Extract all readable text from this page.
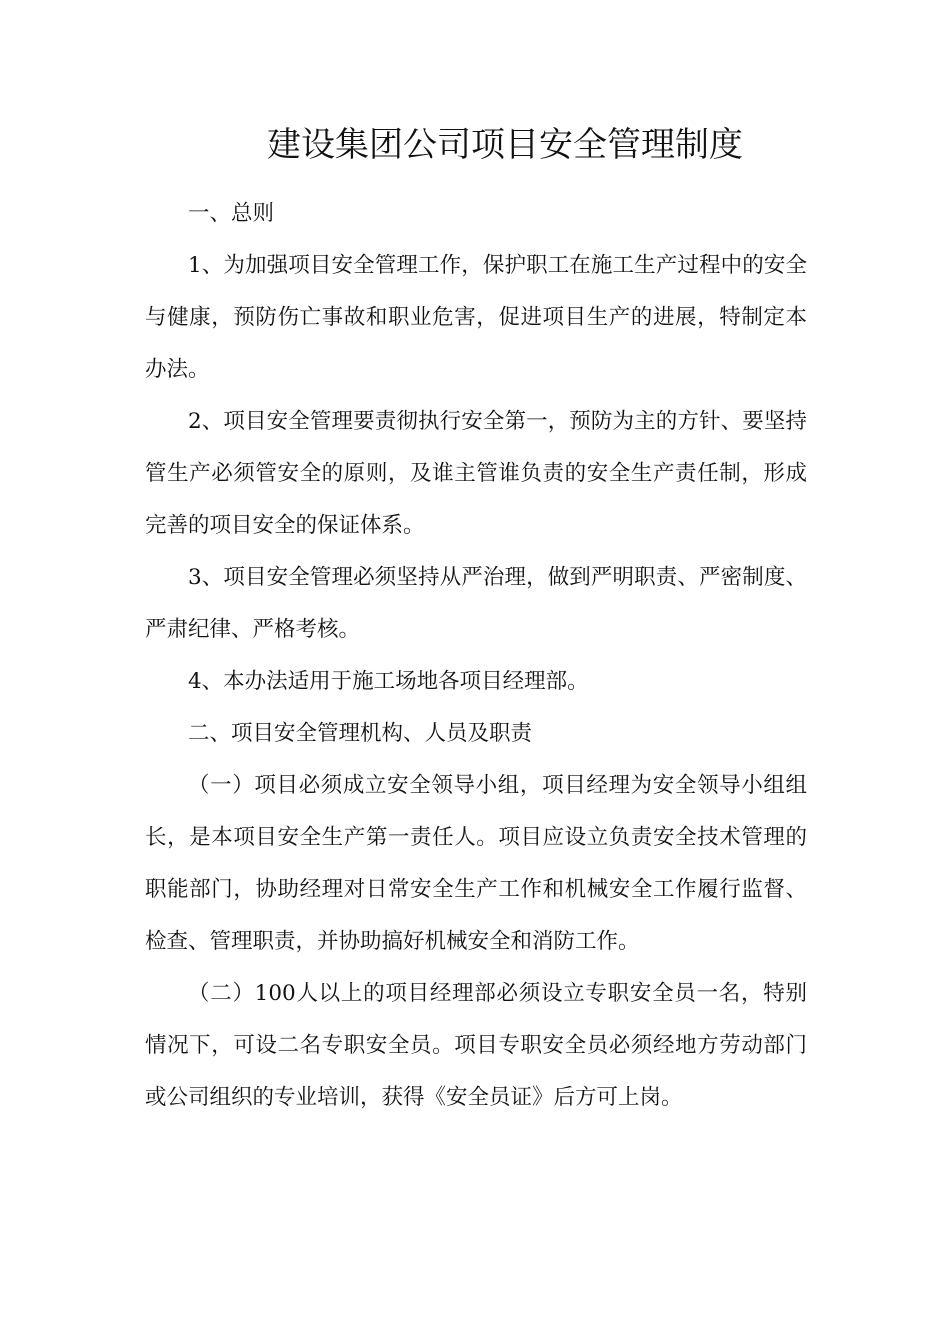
建设集团公司项目安全管理制度

一、总则

1、为加强项目安全管理工作，保护职工在施工生产过程中的安全与健康，预防伤亡事故和职业危害，促进项目生产的进展，特制定本办法。

2、项目安全管理要责彻执行安全第一，预防为主的方针、要坚持管生产必须管安全的原则，及谁主管谁负责的安全生产责任制，形成完善的项目安全的保证体系。

3、项目安全管理必须坚持从严治理，做到严明职责、严密制度、严肃纪律、严格考核。

4、本办法适用于施工场地各项目经理部。

二、项目安全管理机构、人员及职责

（一）项目必须成立安全领导小组，项目经理为安全领导小组组长，是本项目安全生产第一责任人。项目应设立负责安全技术管理的职能部门，协助经理对日常安全生产工作和机械安全工作履行监督、检查、管理职责，并协助搞好机械安全和消防工作。

（二）100人以上的项目经理部必须设立专职安全员一名，特别情况下，可设二名专职安全员。项目专职安全员必须经地方劳动部门或公司组织的专业培训，获得《安全员证》后方可上岗。
